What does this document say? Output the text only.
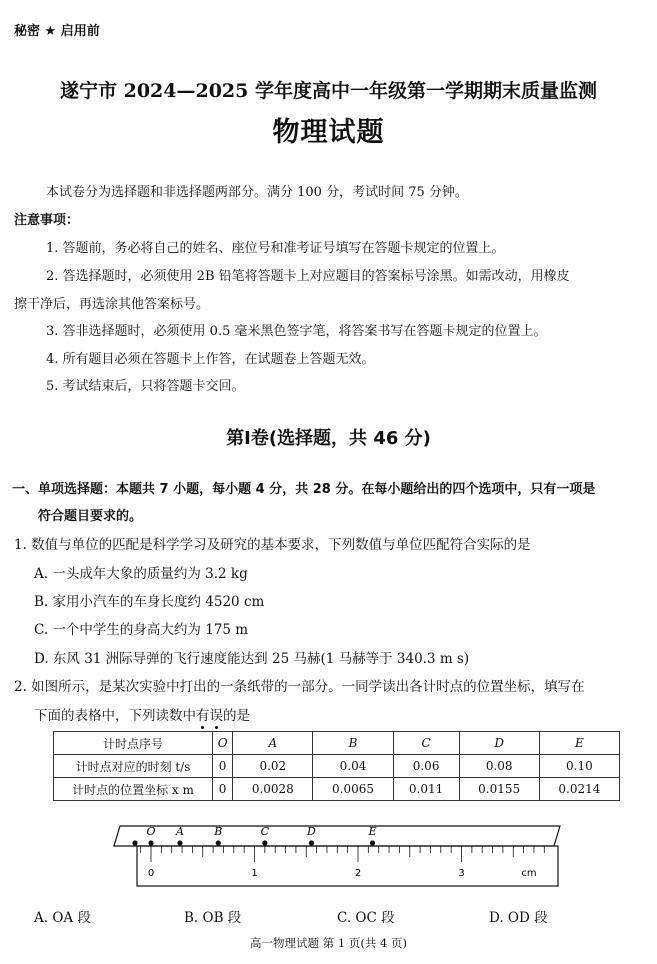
秘密 ★ 启用前
遂宁市 2024—2025 学年度高中一年级第一学期期末质量监测
物理试题
本试卷分为选择题和非选择题两部分。满分 100 分，考试时间 75 分钟。
注意事项：
1. 答题前，务必将自己的姓名、座位号和准考证号填写在答题卡规定的位置上。
2. 答选择题时，必须使用 2B 铅笔将答题卡上对应题目的答案标号涂黑。如需改动，用橡皮
擦干净后，再选涂其他答案标号。
3. 答非选择题时，必须使用 0.5 毫米黑色签字笔，将答案书写在答题卡规定的位置上。
4. 所有题目必须在答题卡上作答，在试题卷上答题无效。
5. 考试结束后，只将答题卡交回。
第Ⅰ卷(选择题，共 46 分)
一、单项选择题：本题共 7 小题，每小题 4 分，共 28 分。在每小题给出的四个选项中，只有一项是
符合题目要求的。
1. 数值与单位的匹配是科学学习及研究的基本要求，下列数值与单位匹配符合实际的是
A. 一头成年大象的质量约为 3.2 kg
B. 家用小汽车的车身长度约 4520 cm
C. 一个中学生的身高大约为 175 m
D. 东风 31 洲际导弹的飞行速度能达到 25 马赫(1 马赫等于 340.3 m s)
2. 如图所示，是某次实验中打出的一条纸带的一部分。一同学读出各计时点的位置坐标，填写在
下面的表格中，下列读数中有误的是
计时点序号	O	A	B	C	D	E
计时点对应的时刻 t/s	0	0.02	0.04	0.06	0.08	0.10
计时点的位置坐标 x m	0	0.0028	0.0065	0.011	0.0155	0.0214
O A	B	C	D	E
0	1	2	3	cm
A. OA 段	B. OB 段	C. OC 段	D. OD 段
高一物理试题 第 1 页(共 4 页)
